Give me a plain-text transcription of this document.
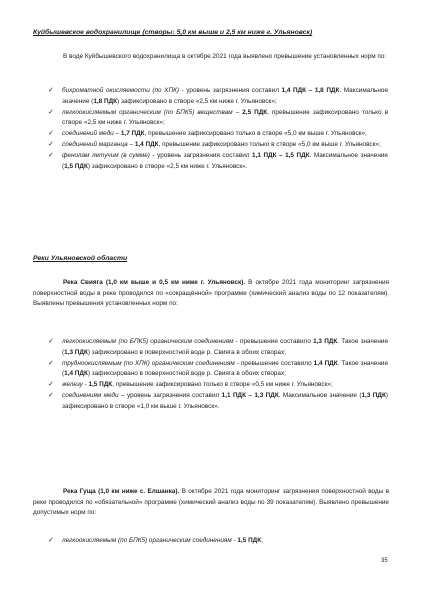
Куйбышевское водохранилище (створы: 5,0 км выше и 2,5 км ниже г. Ульяновск)
В воде Куйбышевского водохранилища в октябре 2021 года выявлено превышение установленных норм по:
✓ бихроматной окисляемости (по ХПК) - уровень загрязнения составил 1,4 ПДК – 1,8 ПДК. Максимальное значение (1,8 ПДК) зафиксировано в створе «2,5 км ниже г. Ульяновск»;
✓ легкоокисляемым органическим (по БПК5) веществам – 2,5 ПДК, превышение зафиксировано только в створе «2,5 км ниже г. Ульяновск»;
✓ соединений меди – 1,7 ПДК, превышение зафиксировано только в створе «5,0 км выше г. Ульяновск»;
✓ соединений марганца – 1,4 ПДК, превышение зафиксировано только в створе «5,0 км выше г. Ульяновск»;
✓ фенолам летучим (в сумме) - уровень загрязнения составил 1,1 ПДК – 1,5 ПДК. Максимальное значение (1,5 ПДК) зафиксировано в створе «2,5 км ниже г. Ульяновск».
Реки Ульяновской области
Река Свияга (1,0 км выше и 0,5 км ниже г. Ульяновск). В октябре 2021 года мониторинг загрязнения поверхностной воды в реке проводился по «сокращённой» программе (химический анализ воды по 12 показателям). Выявлены превышения установленных норм по:
✓ легкоокисляемым (по БПК5) органическим соединениям - превышение составило 1,3 ПДК. Такое значение (1,3 ПДК) зафиксировано в поверхностной воде р. Свияга в обоих створах;
✓ трудноокисляемым (по ХПК) органическим соединениям - превышение составило 1,4 ПДК. Такое значение (1,4 ПДК) зафиксировано в поверхностной воде р. Свияга в обоих створах;
✓ железу - 1,5 ПДК, превышение зафиксировано только в створе «0,5 км ниже г. Ульяновск»;
✓ соединениям меди – уровень загрязнения составил 1,1 ПДК – 1,3 ПДК. Максимальное значение (1,3 ПДК) зафиксировано в створе «1,0 км выше г. Ульяновск».
Река Гуща (1,0 км ниже с. Елшанка). В октябре 2021 года мониторинг загрязнения поверхностной воды в реке проводился по «обязательной» программе (химический анализ воды по 39 показателям). Выявлено превышение допустимых норм по:
✓ легкоокисляемым (по БПК5) органическим соединениям - 1,5 ПДК;
35
